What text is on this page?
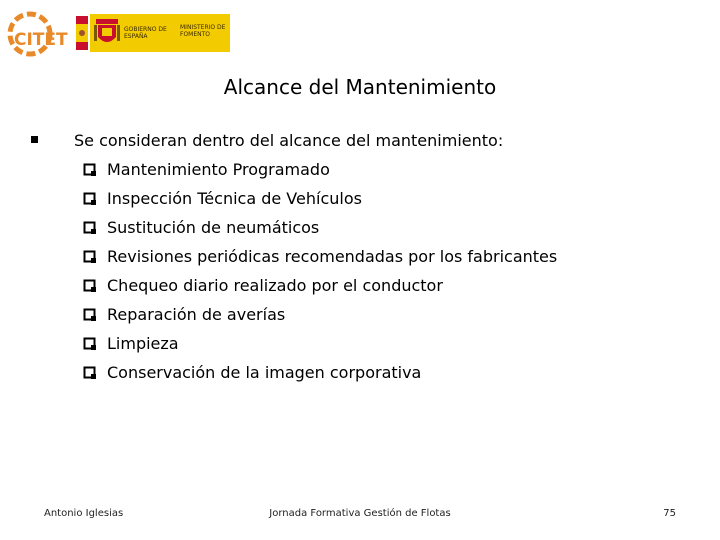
CITET
GOBIERNO DE ESPAÑA
MINISTERIO DE FOMENTO
Alcance del Mantenimiento
Se consideran dentro del alcance del mantenimiento:
Mantenimiento Programado
Inspección Técnica de Vehículos
Sustitución de neumáticos
Revisiones periódicas recomendadas por los fabricantes
Chequeo diario realizado por el conductor
Reparación de averías
Limpieza
Conservación de la imagen corporativa
Antonio Iglesias	Jornada Formativa Gestión de Flotas	75
